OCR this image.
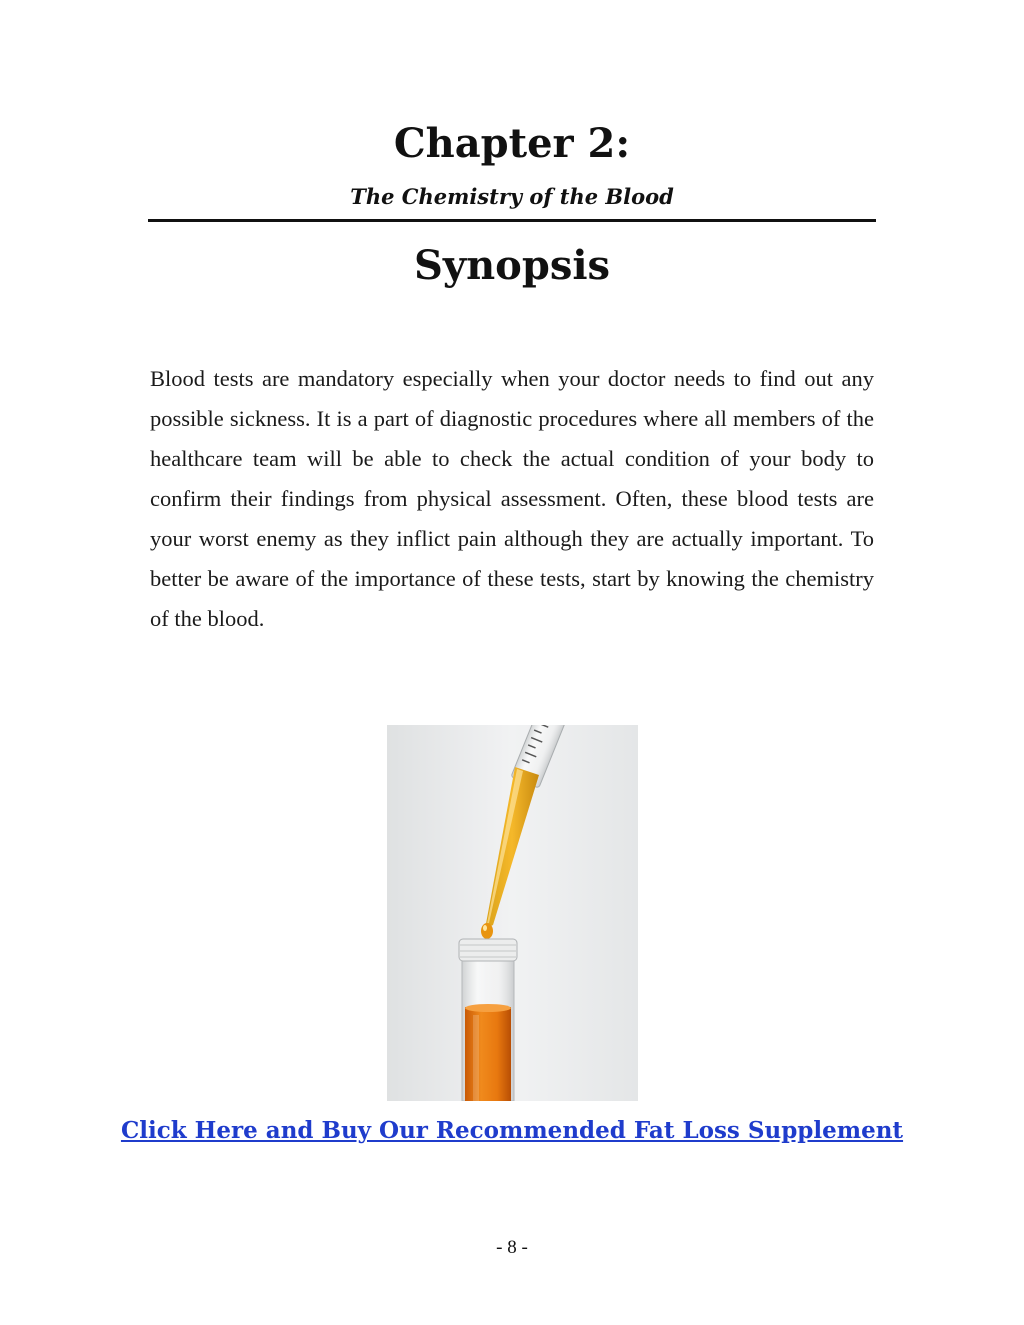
Chapter 2:

The Chemistry of the Blood

Synopsis

Blood tests are mandatory especially when your doctor needs to find out any possible sickness. It is a part of diagnostic procedures where all members of the healthcare team will be able to check the actual condition of your body to confirm their findings from physical assessment. Often, these blood tests are your worst enemy as they inflict pain although they are actually important. To better be aware of the importance of these tests, start by knowing the chemistry of the blood.

Click Here and Buy Our Recommended Fat Loss Supplement

- 8 -
